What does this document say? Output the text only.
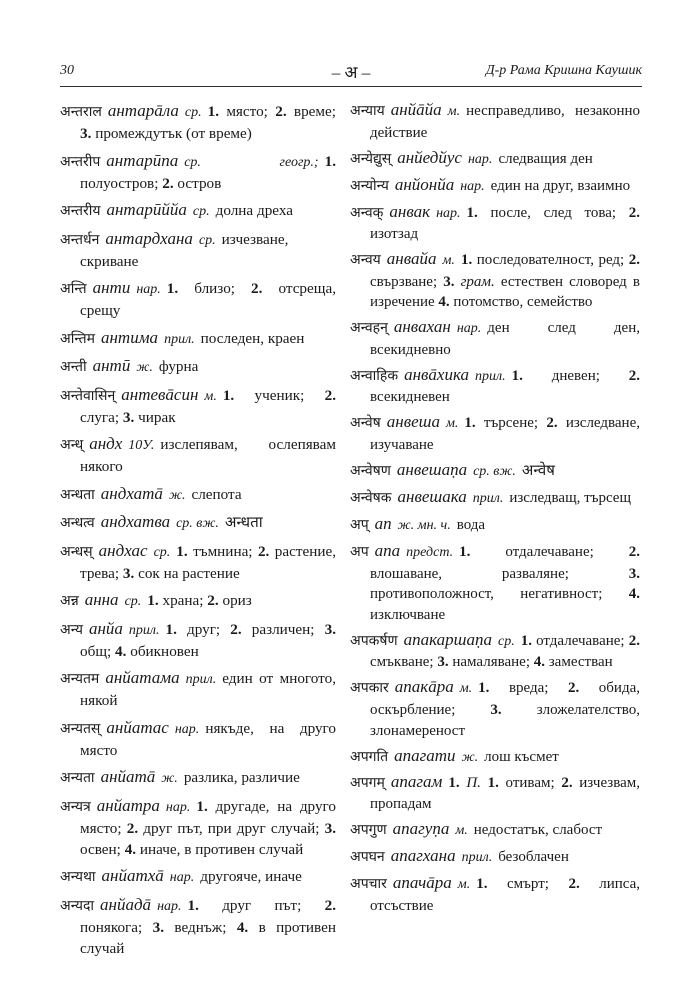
30	– अ –	Д-р Рама Кришна Каушик
अन्तराल антарāла ср. 1. място; 2. време; 3. промеждутък (от време)
अन्तरीप антарӣпа ср. геогр.; 1. полуостров; 2. остров
अन्तरीय антарӣййа ср. долна дреха
अन्तर्धन антардхана ср. изчезване, скриване
अन्ति анти нар. 1. близо; 2. отсреща, срещу
अन्तिम антима прил. последен, краен
अन्ती антӣ ж. фурна
अन्तेवासिन् антевāсин м. 1. ученик; 2. слуга; 3. чирак
अन्ध् андх 10У. изслепявам, ослепявам някого
अन्धता андхатā ж. слепота
अन्धत्व андхатва ср. вж. अन्धता
अन्धस् андхас ср. 1. тъмнина; 2. растение, трева; 3. сок на растение
अन्न анна ср. 1. храна; 2. ориз
अन्य анйа прил. 1. друг; 2. различен; 3. общ; 4. обикновен
अन्यतम анйатама прил. един от многото, някой
अन्यतस् анйатас нар. някъде, на друго място
अन्यता анйатā ж. разлика, различие
अन्यत्र анйатра нар. 1. другаде, на друго място; 2. друг път, при друг случай; 3. освен; 4. иначе, в противен случай
अन्यथा анйатхā нар. другояче, иначе
अन्यदा анйадā нар. 1. друг път; 2. понякога; 3. веднъж; 4. в противен случай
अन्याय анйāйа м. несправедливо, незаконно действие
अन्येद्युस् анйедйус нар. следващия ден
अन्योन्य анйонйа нар. един на друг, взаимно
अन्वक् анвак нар. 1. после, след това; 2. изотзад
अन्वय анвайа м. 1. последователност, ред; 2. свързване; 3. грам. естествен словоред в изречение 4. потомство, семейство
अन्वहन् анвахан нар. ден след ден, всекидневно
अन्वाहिक анвāхика прил. 1. дневен; 2. всекидневен
अन्वेष анвеша м. 1. търсене; 2. изследване, изучаване
अन्वेषण анвешаṇа ср. вж. अन्वेष
अन्वेषक анвешака прил. изследващ, търсещ
अप् ап ж. мн. ч. вода
अप апа предст. 1. отдалечаване; 2. влошаване, разваляне; 3. противоположност, негативност; 4. изключване
अपकर्षण апакаршаṇа ср. 1. отдалечаване; 2. смъкване; 3. намаляване; 4. заместван
अपकार апакāра м. 1. вреда; 2. обида, оскърбление; 3. зложелателство, злонамереност
अपगति апагати ж. лош късмет
अपगम् апагам 1. П. 1. отивам; 2. изчезвам, пропадам
अपगुण апагуṇа м. недостатък, слабост
अपघन апагхана прил. безоблачен
अपचार апачāра м. 1. смърт; 2. липса, отсъствие
